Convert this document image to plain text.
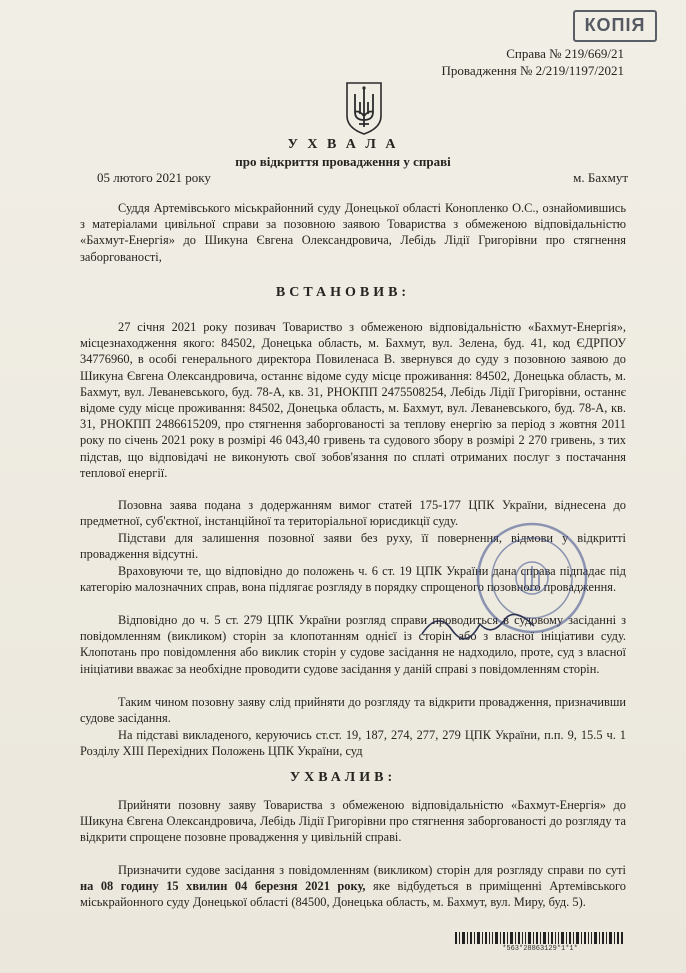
КОПІЯ
Справа № 219/669/21
Провадження № 2/219/1197/2021
У Х В А Л А
про відкриття провадження у справі
05 лютого 2021 року	м. Бахмут
Суддя Артемівського міськрайонний суду Донецької області Конопленко О.С., ознайомившись з матеріалами цивільної справи за позовною заявою Товариства з обмеженою відповідальністю «Бахмут-Енергія» до Шикуна Євгена Олександровича, Лебідь Лідії Григорівни про стягнення заборгованості,
ВСТАНОВИВ:
27 січня 2021 року позивач Товариство з обмеженою відповідальністю «Бахмут-Енергія», місцезнаходження якого: 84502, Донецька область, м. Бахмут, вул. Зелена, буд. 41, код ЄДРПОУ 34776960, в особі генерального директора Повиленаса В. звернувся до суду з позовною заявою до Шикуна Євгена Олександровича, останнє відоме суду місце проживання: 84502, Донецька область, м. Бахмут, вул. Леваневського, буд. 78-А, кв. 31, РНОКПП 2475508254, Лебідь Лідії Григорівни, останнє відоме суду місце проживання: 84502, Донецька область, м. Бахмут, вул. Леваневського, буд. 78-А, кв. 31, РНОКПП 2486615209, про стягнення заборгованості за теплову енергію за період з жовтня 2011 року по січень 2021 року в розмірі 46 043,40 гривень та судового збору в розмірі 2 270 гривень, з тих підстав, що відповідачі не виконують свої зобов'язання по сплаті отриманих послуг з постачання теплової енергії.
Позовна заява подана з додержанням вимог статей 175-177 ЦПК України, віднесена до предметної, суб'єктної, інстанційної та територіальної юрисдикції суду.
Підстави для залишення позовної заяви без руху, її повернення, відмови у відкритті провадження відсутні.
Враховуючи те, що відповідно до положень ч. 6 ст. 19 ЦПК України дана справа підпадає під категорію малозначних справ, вона підлягає розгляду в порядку спрощеного позовного провадження.
Відповідно до ч. 5 ст. 279 ЦПК України розгляд справи проводиться в судовому засіданні з повідомленням (викликом) сторін за клопотанням однієї із сторін або з власної ініціативи суду. Клопотань про повідомлення або виклик сторін у судове засідання не надходило, проте, суд з власної ініціативи вважає за необхідне проводити судове засідання у даній справі з повідомленням сторін.
Таким чином позовну заяву слід прийняти до розгляду та відкрити провадження, призначивши судове засідання.
На підставі викладеного, керуючись ст.ст. 19, 187, 274, 277, 279 ЦПК України, п.п. 9, 15.5 ч. 1 Розділу XIII Перехідних Положень ЦПК України, суд
УХВАЛИВ:
Прийняти позовну заяву Товариства з обмеженою відповідальністю «Бахмут-Енергія» до Шикуна Євгена Олександровича, Лебідь Лідії Григорівни про стягнення заборгованості до розгляду та відкрити спрощене позовне провадження у цивільній справі.
Призначити судове засідання з повідомленням (викликом) сторін для розгляду справи по суті на 08 годину 15 хвилин 04 березня 2021 року, яке відбудеться в приміщенні Артемівського міськрайонного суду Донецької області (84500, Донецька область, м. Бахмут, вул. Миру, буд. 5).
*563*28863129*1*1*
